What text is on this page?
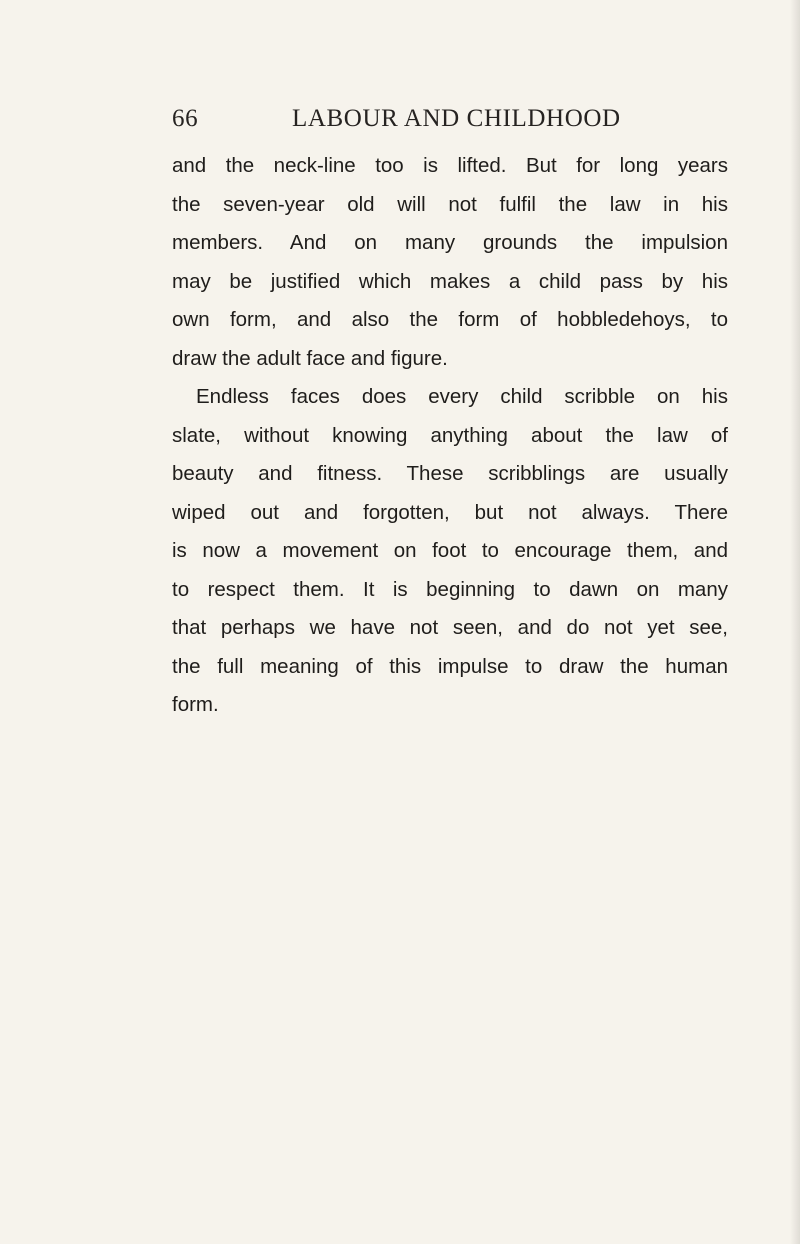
66	LABOUR AND CHILDHOOD
and the neck-line too is lifted. But for long years
the seven-year old will not fulfil the law in his
members. And on many grounds the impulsion
may be justified which makes a child pass by his
own form, and also the form of hobbledehoys, to
draw the adult face and figure.
Endless faces does every child scribble on his
slate, without knowing anything about the law of
beauty and fitness. These scribblings are usually
wiped out and forgotten, but not always. There
is now a movement on foot to encourage them, and
to respect them. It is beginning to dawn on many
that perhaps we have not seen, and do not yet see,
the full meaning of this impulse to draw the human
form.
